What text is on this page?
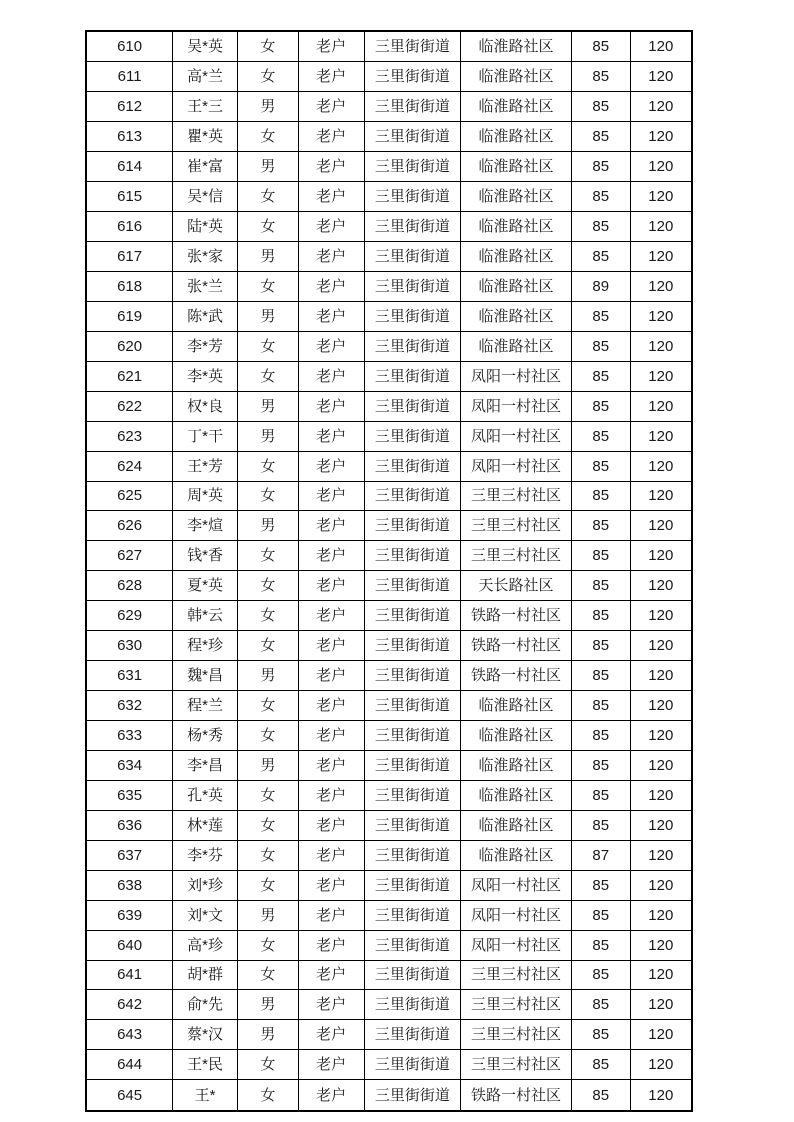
610	吴*英	女	老户	三里街街道	临淮路社区	85	120
611	高*兰	女	老户	三里街街道	临淮路社区	85	120
612	王*三	男	老户	三里街街道	临淮路社区	85	120
613	瞿*英	女	老户	三里街街道	临淮路社区	85	120
614	崔*富	男	老户	三里街街道	临淮路社区	85	120
615	吴*信	女	老户	三里街街道	临淮路社区	85	120
616	陆*英	女	老户	三里街街道	临淮路社区	85	120
617	张*家	男	老户	三里街街道	临淮路社区	85	120
618	张*兰	女	老户	三里街街道	临淮路社区	89	120
619	陈*武	男	老户	三里街街道	临淮路社区	85	120
620	李*芳	女	老户	三里街街道	临淮路社区	85	120
621	李*英	女	老户	三里街街道	凤阳一村社区	85	120
622	权*良	男	老户	三里街街道	凤阳一村社区	85	120
623	丁*干	男	老户	三里街街道	凤阳一村社区	85	120
624	王*芳	女	老户	三里街街道	凤阳一村社区	85	120
625	周*英	女	老户	三里街街道	三里三村社区	85	120
626	李*煊	男	老户	三里街街道	三里三村社区	85	120
627	钱*香	女	老户	三里街街道	三里三村社区	85	120
628	夏*英	女	老户	三里街街道	天长路社区	85	120
629	韩*云	女	老户	三里街街道	铁路一村社区	85	120
630	程*珍	女	老户	三里街街道	铁路一村社区	85	120
631	魏*昌	男	老户	三里街街道	铁路一村社区	85	120
632	程*兰	女	老户	三里街街道	临淮路社区	85	120
633	杨*秀	女	老户	三里街街道	临淮路社区	85	120
634	李*昌	男	老户	三里街街道	临淮路社区	85	120
635	孔*英	女	老户	三里街街道	临淮路社区	85	120
636	林*莲	女	老户	三里街街道	临淮路社区	85	120
637	李*芬	女	老户	三里街街道	临淮路社区	87	120
638	刘*珍	女	老户	三里街街道	凤阳一村社区	85	120
639	刘*文	男	老户	三里街街道	凤阳一村社区	85	120
640	高*珍	女	老户	三里街街道	凤阳一村社区	85	120
641	胡*群	女	老户	三里街街道	三里三村社区	85	120
642	俞*先	男	老户	三里街街道	三里三村社区	85	120
643	蔡*汉	男	老户	三里街街道	三里三村社区	85	120
644	王*民	女	老户	三里街街道	三里三村社区	85	120
645	王*	女	老户	三里街街道	铁路一村社区	85	120
